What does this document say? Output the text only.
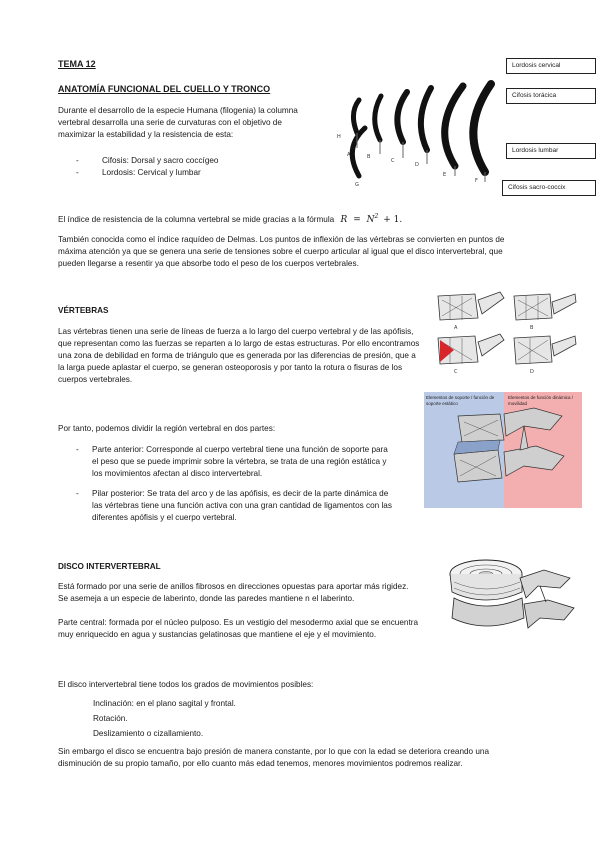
TEMA 12
ANATOMÍA FUNCIONAL DEL CUELLO Y TRONCO

Durante el desarrollo de la especie Humana (filogenia) la columna vertebral desarrolla una serie de curvaturas con el objetivo de maximizar la estabilidad y la resistencia de esta:

- Cifosis: Dorsal y sacro coccígeo
- Lordosis: Cervical y lumbar
A	B
C
D
E
F
G
H
Lordosis cervical
Cifosis torácica
Lordosis lumbar
Cifosis sacro-coccix
El índice de resistencia de la columna vertebral se mide gracias a la fórmula $R = N^2 + 1$.

También conocida como el índice raquídeo de Delmas. Los puntos de inflexión de las vértebras se convierten en puntos de máxima atención ya que se genera una serie de tensiones sobre el cuerpo articular al igual que el disco intervertebral, que pueden llegarse a resentir ya que absorbe todo el peso de los cuerpos vertebrales.

VÉRTEBRAS

Las vértebras tienen una serie de líneas de fuerza a lo largo del cuerpo vertebral y de las apófisis, que representan como las fuerzas se reparten a lo largo de estas estructuras. Por ello encontramos una zona de debilidad en forma de triángulo que es generada por las diferencias de presión, que a la larga puede aplastar el cuerpo, se generan osteoporosis y por tanto la rotura o fisuras de los cuerpos vertebrales.

A	B
C	D

Por tanto, podemos dividir la región vertebral en dos partes:

- Parte anterior: Corresponde al cuerpo vertebral tiene una función de soporte para el peso que se puede imprimir sobre la vértebra, se trata de una región estática y los movimientos afectan al disco intervertebral.
- Pilar posterior: Se trata del arco y de las apófisis, es decir de la parte dinámica de las vértebras tiene una función activa con una gran cantidad de ligamentos con las diferentes apófisis y el cuerpo vertebral.
Elementos de soporte / función de soporte estático
Elementos de función dinámica / movilidad
DISCO INTERVERTEBRAL

Está formado por una serie de anillos fibrosos en direcciones opuestas para aportar más rigidez. Se asemeja a un especie de laberinto, donde las paredes mantiene n el laberinto.

Parte central: formada por el núcleo pulposo. Es un vestigio del mesodermo axial que se encuentra muy enriquecido en agua y sustancias gelatinosas que mantiene el eje y el movimiento.

El disco intervertebral tiene todos los grados de movimientos posibles:

Inclinación: en el plano sagital y frontal.
Rotación.
Deslizamiento o cizallamiento.

Sin embargo el disco se encuentra bajo presión de manera constante, por lo que con la edad se deteriora creando una disminución de su propio tamaño, por ello cuanto más edad tenemos, menores movimientos podremos realizar.
